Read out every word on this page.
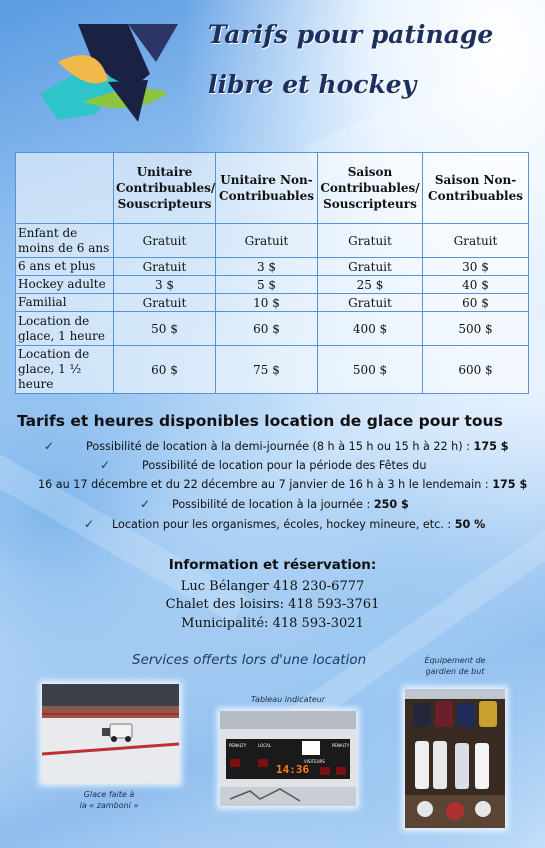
Tarifs pour patinage
libre et hockey
	Unitaire Contribuables/ Souscripteurs	Unitaire Non-Contribuables	Saison Contribuables/ Souscripteurs	Saison Non-Contribuables
Enfant de moins de 6 ans	Gratuit	Gratuit	Gratuit	Gratuit
6 ans et plus	Gratuit	3 $	Gratuit	30 $
Hockey adulte	3 $	5 $	25 $	40 $
Familial	Gratuit	10 $	Gratuit	60 $
Location de glace, 1 heure	50 $	60 $	400 $	500 $
Location de glace, 1 ½ heure	60 $	75 $	500 $	600 $
Tarifs et heures disponibles location de glace pour tous
✓	Possibilité de location à la demi-journée (8 h à 15 h ou 15 h à 22 h) : 175 $
✓	Possibilité de location pour la période des Fêtes du
16 au 17 décembre et du 22 décembre au 7 janvier de 16 h à 3 h le lendemain : 175 $
✓ Possibilité de location à la journée : 250 $
✓ Location pour les organismes, écoles, hockey mineure, etc. : 50 %
Information et réservation:
Luc Bélanger 418 230-6777
Chalet des loisirs: 418 593-3761
Municipalité: 418 593-3021
Services offerts lors d'une location	Équipement de
gardien de but
Tableau indicateur
Glace faite à
la « zamboni »
PENALTY	PENALTY
LOCAL
VISITEURS
14:36
